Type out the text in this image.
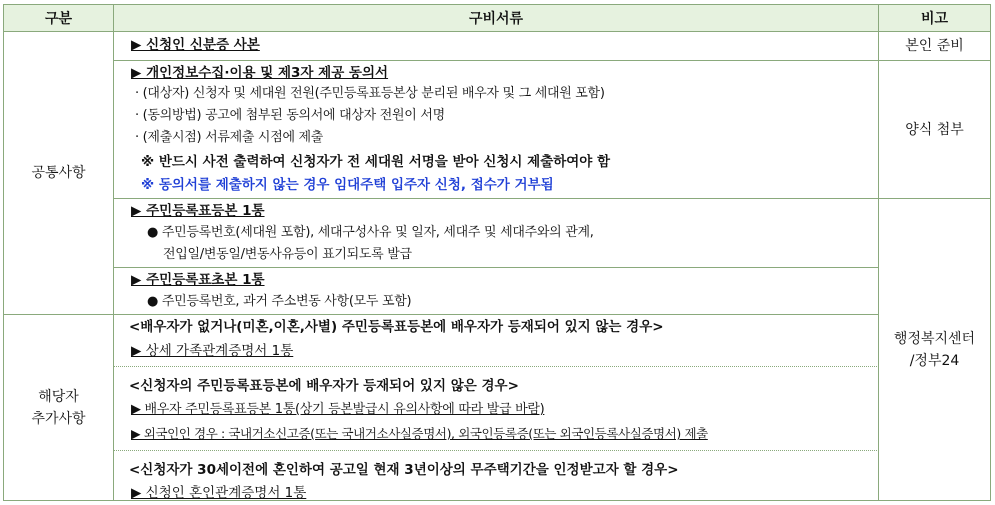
구분	구비서류	비고
공통사항
해당자
추가사항
본인 준비
양식 첨부
행정복지센터
/정부24
▶ 신청인 신분증 사본
▶ 개인정보수집·이용 및 제3자 제공 동의서
· (대상자) 신청자 및 세대원 전원(주민등록표등본상 분리된 배우자 및 그 세대원 포함)
· (동의방법) 공고에 첨부된 동의서에 대상자 전원이 서명
· (제출시점) 서류제출 시점에 제출
※ 반드시 사전 출력하여 신청자가 전 세대원 서명을 받아 신청시 제출하여야 함
※ 동의서를 제출하지 않는 경우 임대주택 입주자 신청, 접수가 거부됨
▶ 주민등록표등본 1통
● 주민등록번호(세대원 포함), 세대구성사유 및 일자, 세대주 및 세대주와의 관계,
전입일/변동일/변동사유등이 표기되도록 발급
▶ 주민등록표초본 1통
● 주민등록번호, 과거 주소변동 사항(모두 포함)
<배우자가 없거나(미혼,이혼,사별) 주민등록표등본에 배우자가 등재되어 있지 않는 경우>
▶ 상세 가족관계증명서 1통
<신청자의 주민등록표등본에 배우자가 등재되어 있지 않은 경우>
▶ 배우자 주민등록표등본 1통(상기 등본발급시 유의사항에 따라 발급 바람)
▶ 외국인인 경우 : 국내거소신고증(또는 국내거소사실증명서), 외국인등록증(또는 외국인등록사실증명서) 제출
<신청자가 30세이전에 혼인하여 공고일 현재 3년이상의 무주택기간을 인정받고자 할 경우>
▶ 신청인 혼인관계증명서 1통
